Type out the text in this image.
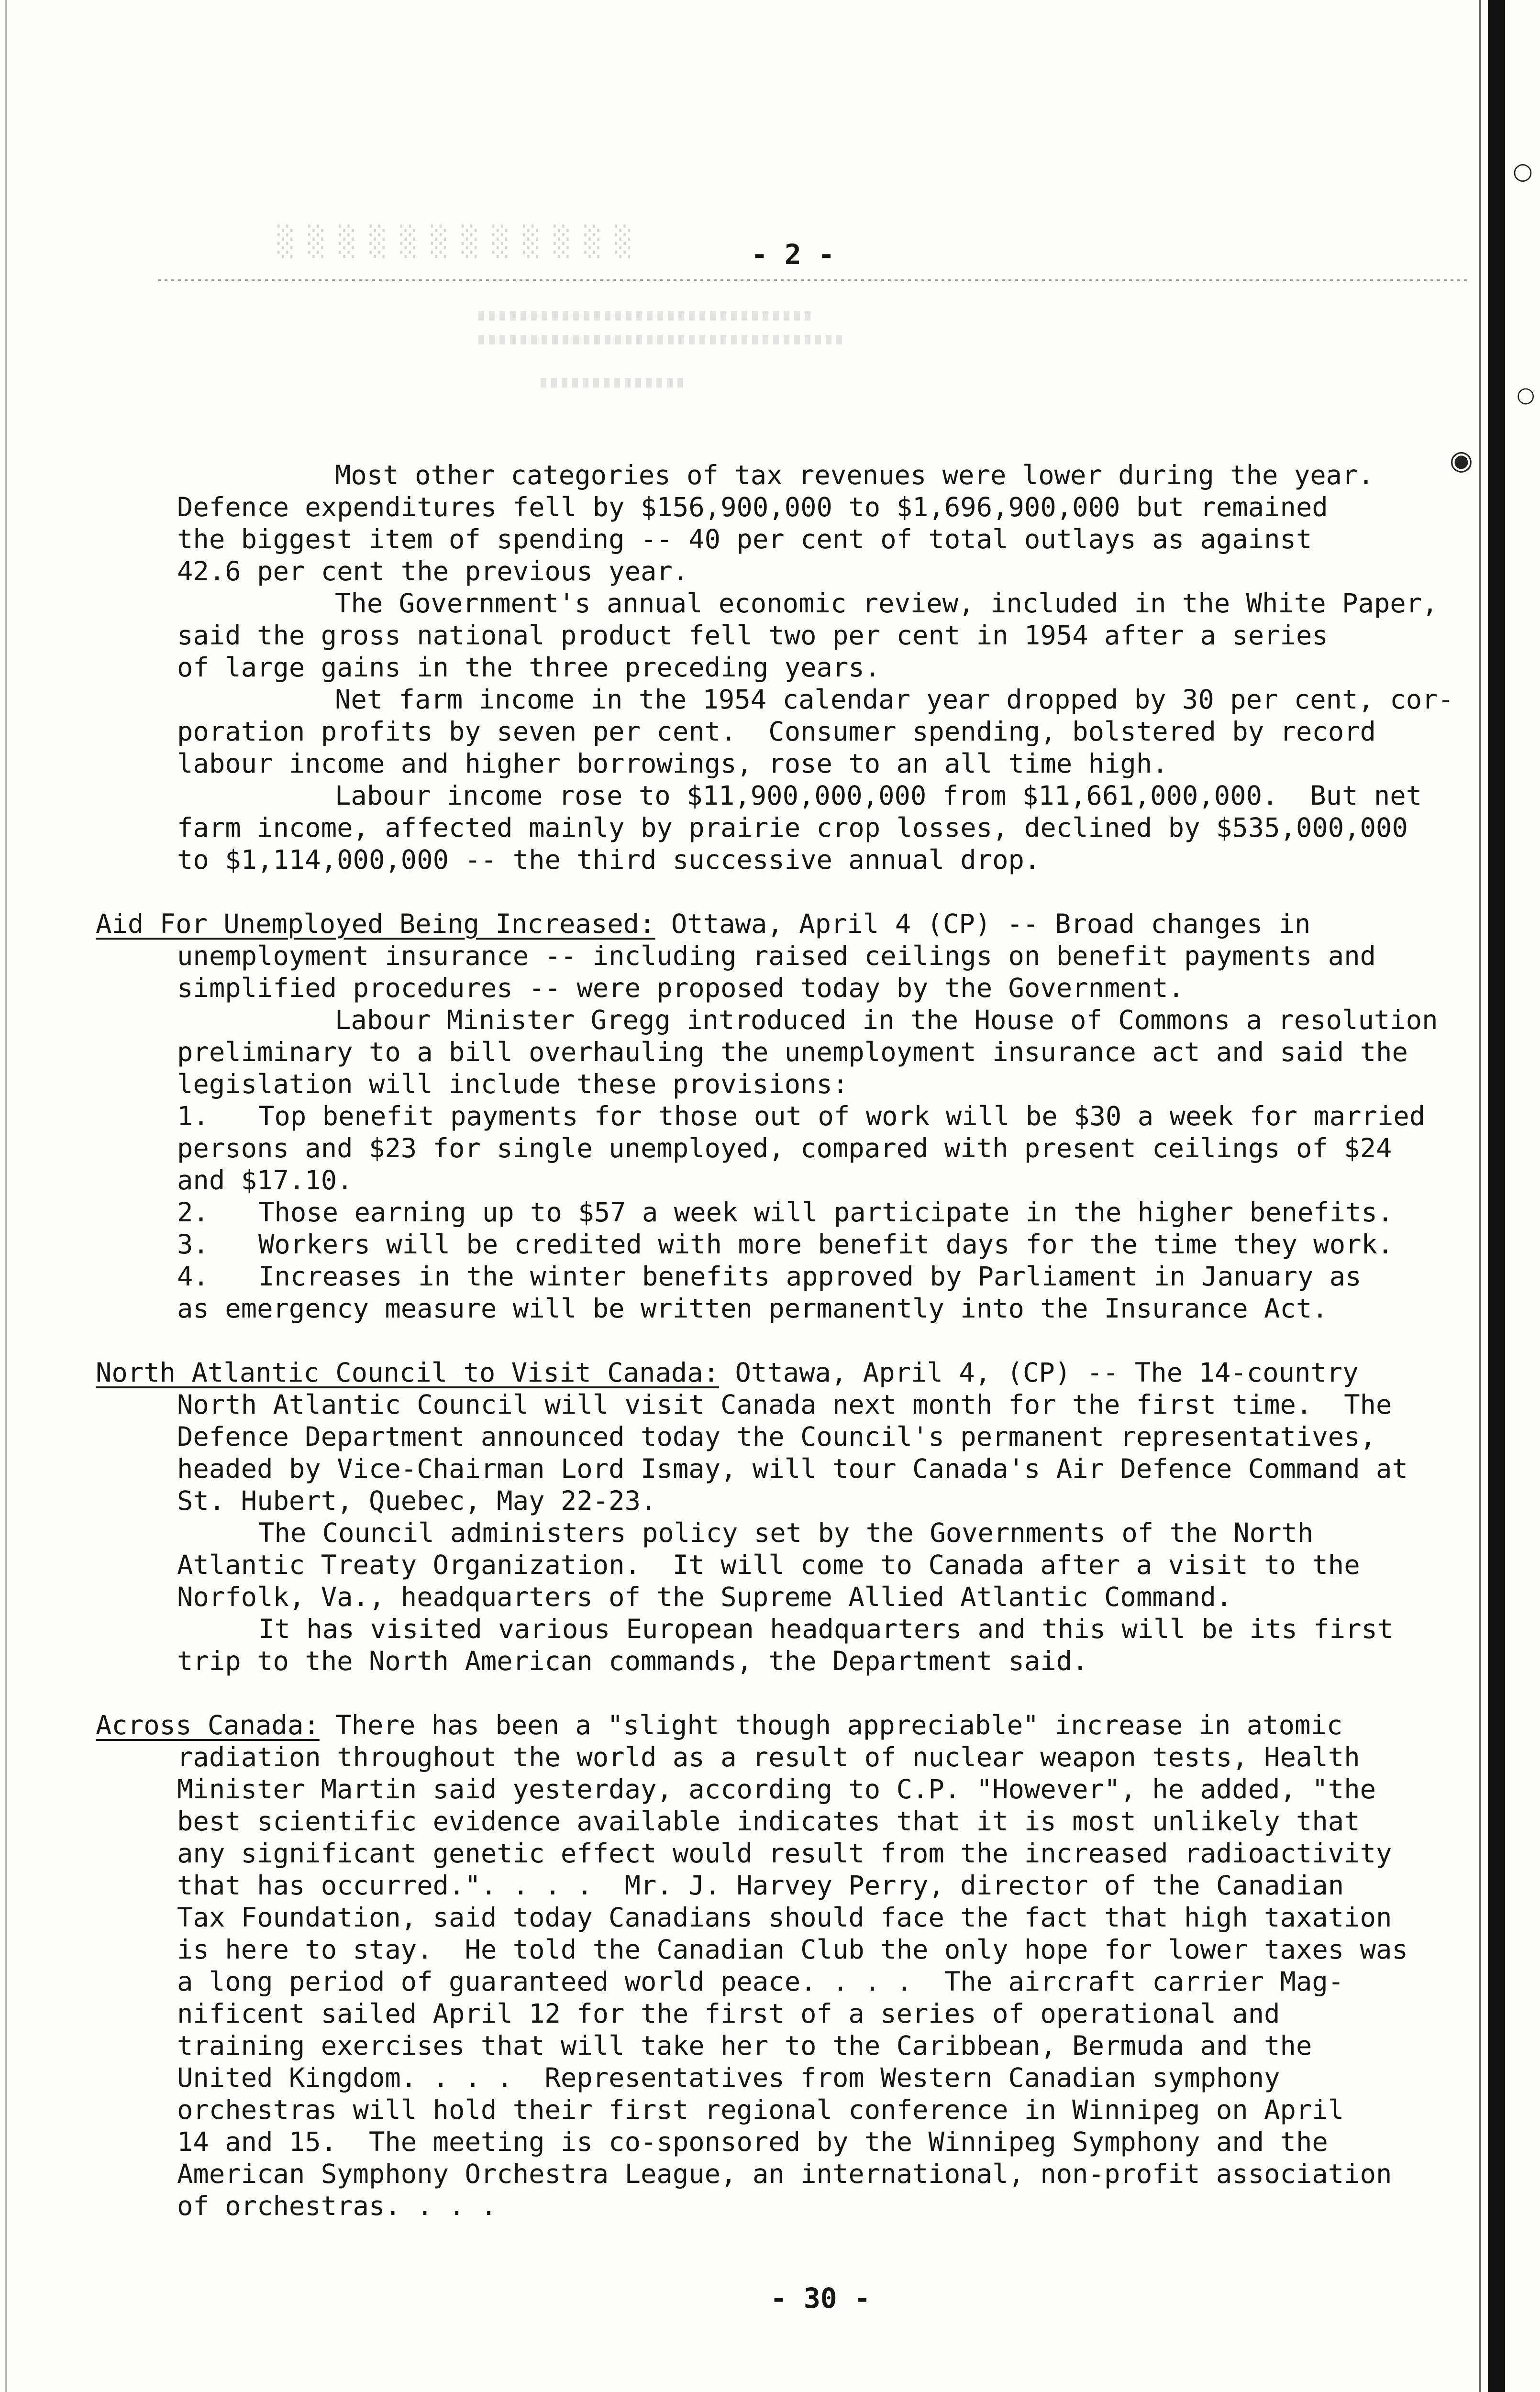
○
○
◉
░░░░░░░░░░░░	- 2 -
Most other categories of tax revenues were lower during the year.
Defence expenditures fell by $156,900,000 to $1,696,900,000 but remained
the biggest item of spending -- 40 per cent of total outlays as against
42.6 per cent the previous year.
The Government's annual economic review, included in the White Paper,
said the gross national product fell two per cent in 1954 after a series
of large gains in the three preceding years.
Net farm income in the 1954 calendar year dropped by 30 per cent, cor-
poration profits by seven per cent.  Consumer spending, bolstered by record
labour income and higher borrowings, rose to an all time high.
Labour income rose to $11,900,000,000 from $11,661,000,000.  But net
farm income, affected mainly by prairie crop losses, declined by $535,000,000
to $1,114,000,000 -- the third successive annual drop.
Aid For Unemployed Being Increased: Ottawa, April 4 (CP) -- Broad changes in
unemployment insurance -- including raised ceilings on benefit payments and
simplified procedures -- were proposed today by the Government.
Labour Minister Gregg introduced in the House of Commons a resolution
preliminary to a bill overhauling the unemployment insurance act and said the
legislation will include these provisions:
1. Top benefit payments for those out of work will be $30 a week for married
persons and $23 for single unemployed, compared with present ceilings of $24
and $17.10.
2. Those earning up to $57 a week will participate in the higher benefits.
3. Workers will be credited with more benefit days for the time they work.
4. Increases in the winter benefits approved by Parliament in January as
as emergency measure will be written permanently into the Insurance Act.
North Atlantic Council to Visit Canada: Ottawa, April 4, (CP) -- The 14-country
North Atlantic Council will visit Canada next month for the first time.  The
Defence Department announced today the Council's permanent representatives,
headed by Vice-Chairman Lord Ismay, will tour Canada's Air Defence Command at
St. Hubert, Quebec, May 22-23.
The Council administers policy set by the Governments of the North
Atlantic Treaty Organization.  It will come to Canada after a visit to the
Norfolk, Va., headquarters of the Supreme Allied Atlantic Command.
It has visited various European headquarters and this will be its first
trip to the North American commands, the Department said.
Across Canada: There has been a "slight though appreciable" increase in atomic
radiation throughout the world as a result of nuclear weapon tests, Health
Minister Martin said yesterday, according to C.P. "However", he added, "the
best scientific evidence available indicates that it is most unlikely that
any significant genetic effect would result from the increased radioactivity
that has occurred.". . . .  Mr. J. Harvey Perry, director of the Canadian
Tax Foundation, said today Canadians should face the fact that high taxation
is here to stay.  He told the Canadian Club the only hope for lower taxes was
a long period of guaranteed world peace. . . .  The aircraft carrier Mag-
nificent sailed April 12 for the first of a series of operational and
training exercises that will take her to the Caribbean, Bermuda and the
United Kingdom. . . .  Representatives from Western Canadian symphony
orchestras will hold their first regional conference in Winnipeg on April
14 and 15.  The meeting is co-sponsored by the Winnipeg Symphony and the
American Symphony Orchestra League, an international, non-profit association
of orchestras. . . .
- 30 -
